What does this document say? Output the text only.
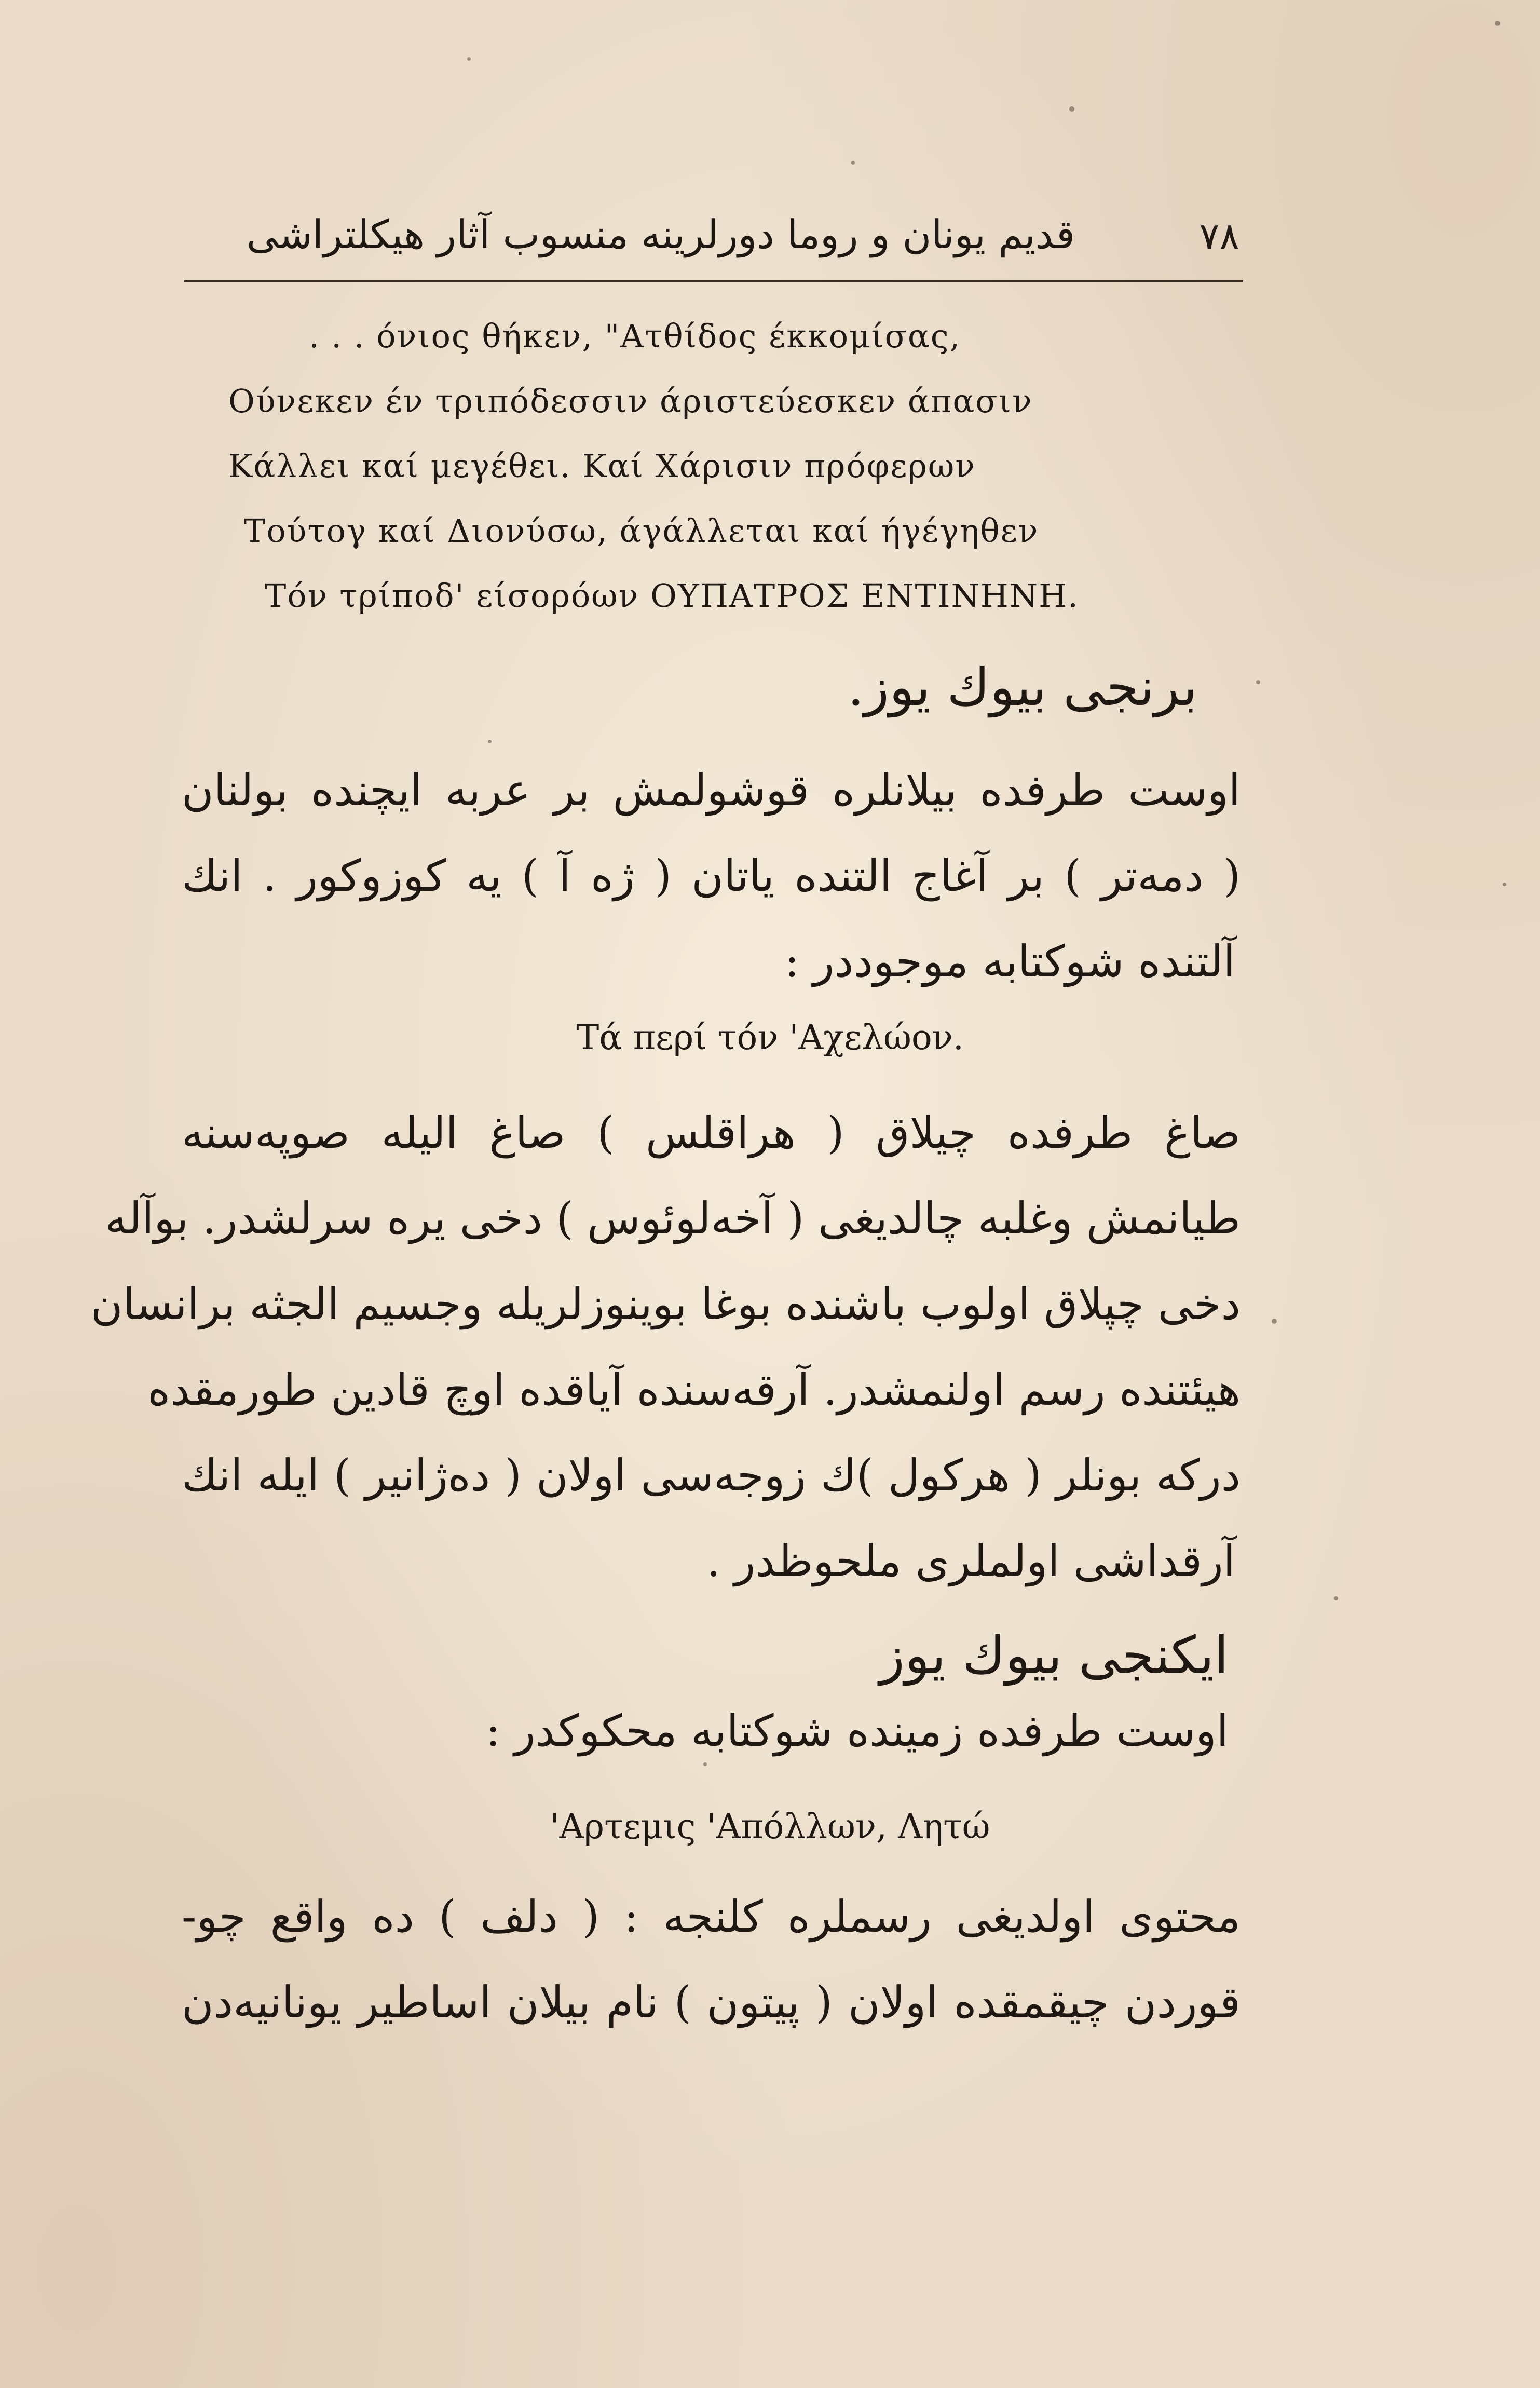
۷۸
قدیم یونان و روما دورلرینه منسوب آثار هیكلتراشی
. . . όνιος θήκεν, "Ατθίδος έκκομίσας,
Ούνεκεν έν τριπόδεσσιν άριστεύεσκεν άπασιν
Κάλλει καί μεγέθει. Καί Χάρισιν πρόφερων
Τούτογ καί Διονύσω, άγάλλεται καί ήγέγηθεν
Τόν τρίποδ' είσορόων ΟΥΠΑΤΡΟΣ ΕΝΤΙΝΗΝΗ.
برنجی بیوك یوز.
اوست طرفده بیلانلره قوشولمش بر عربه ایچنده بولنان
( دمه‌تر ) بر آغاج التنده یاتان ( ژه آ ) یه كوزوكور . انك
آلتنده شوكتابه موجوددر :
Τά περί τόν 'Αχελώον.
صاغ طرفده چیلاق ( هراقلس ) صاغ الیله صوپه‌سنه
طیانمش وغلبه چالدیغی ( آخه‌لوئوس ) دخی یره سرلشدر. بوآله
دخی چپلاق اولوب باشنده بوغا بوینوزلریله وجسیم الجثه برانسان
هیئتنده رسم اولنمشدر. آرقه‌سنده آیاقده اوچ قادین طورمقده
درکه بونلر ( هركول )ك زوجه‌سی اولان ( ده‌ژانیر ) ایله انك
آرقداشی اولملری ملحوظدر .
ایكنجی بیوك یوز
اوست طرفده زمینده شوكتابه محكوكدر :
'Αρτεμις 'Απόλλων, Λητώ
محتوی اولدیغی رسملره كلنجه : ( دلف ) ده واقع چو-
قوردن چیقمقده اولان ( پیتون ) نام بیلان اساطیر یونانیه‌دن
